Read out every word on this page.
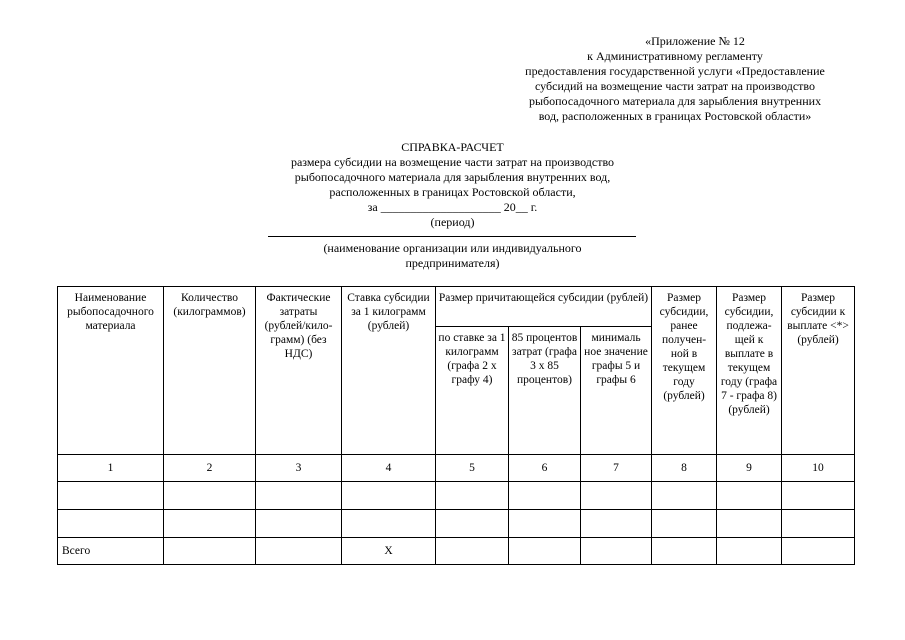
«Приложение № 12
к Административному регламенту
предоставления государственной услуги «Предоставление
субсидий на возмещение части затрат на производство
рыбопосадочного материала для зарыбления внутренних
вод, расположенных в границах Ростовской области»
СПРАВКА-РАСЧЕТ
размера субсидии на возмещение части затрат на производство
рыбопосадочного материала для зарыбления внутренних вод,
расположенных в границах Ростовской области,
за ____________________ 20__ г.
(период)
(наименование организации или индивидуального
предпринимателя)
Наименование рыбопосадочного материала	Количество (килограммов)	Фактические затраты (рублей/кило-грамм) (без НДС)	Ставка субсидии за 1 килограмм (рублей)	Размер причитающейся субсидии (рублей)			Размер субсидии, ранее получен-ной в текущем году (рублей)	Размер субсидии, подлежа-щей к выплате в текущем году (графа 7 - графа 8) (рублей)	Размер субсидии к выплате <*> (рублей)
				по ставке за 1 килограмм (графа 2 х графу 4)	85 процентов затрат (графа 3 х 85 процентов)	минималь ное значение графы 5 и графы 6			
1	2	3	4	5	6	7	8	9	10

Всего			X						
